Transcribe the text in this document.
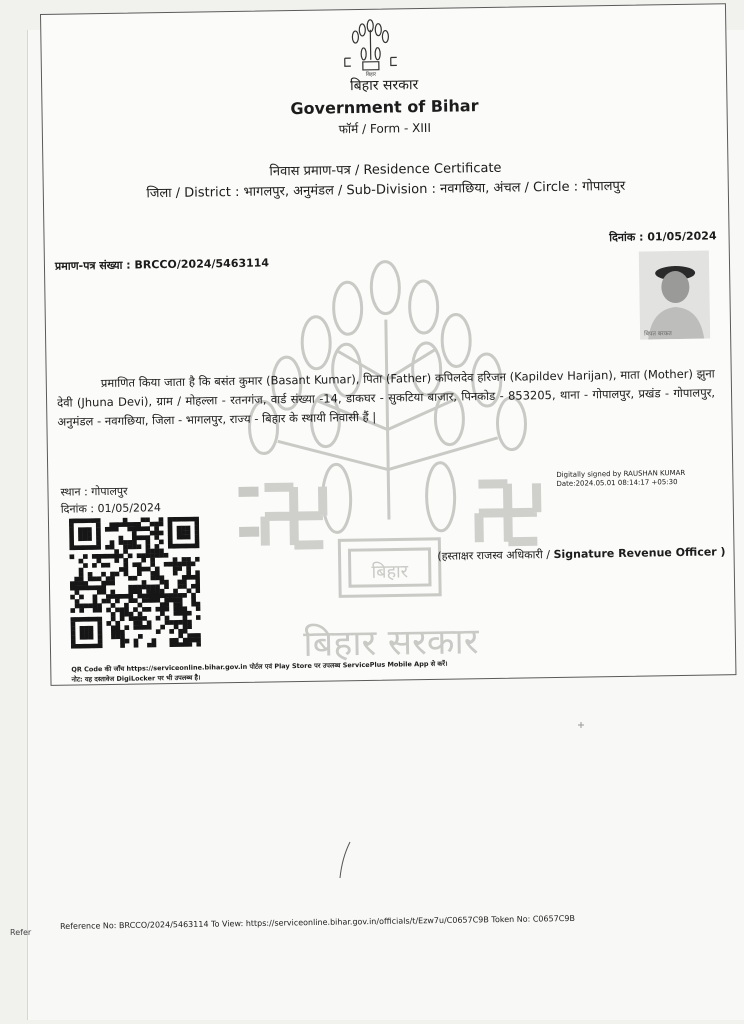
Refer
बिहार
बिहार सरकार
बिहार
बिहार सरकार
Government of Bihar
फॉर्म / Form - XIII
निवास प्रमाण-पत्र / Residence Certificate
जिला / District : भागलपुर, अनुमंडल / Sub-Division : नवगछिया, अंचल / Circle : गोपालपुर
दिनांक : 01/05/2024
प्रमाण-पत्र संख्या : BRCCO/2024/5463114
बिपत बरकत
प्रमाणित किया जाता है कि बसंत कुमार (Basant Kumar), पिता (Father) कपिलदेव हरिजन (Kapildev Harijan), माता (Mother) झुना देवी (Jhuna Devi), ग्राम / मोहल्ला - रतनगंज, वार्ड संख्या -14, डाकघर - सुकटिया बाजार, पिनकोड - 853205, थाना - गोपालपुर, प्रखंड - गोपालपुर, अनुमंडल - नवगछिया, जिला - भागलपुर, राज्य - बिहार के स्थायी निवासी हैं |
स्थान : गोपालपुर
दिनांक : 01/05/2024
Digitally signed by RAUSHAN KUMAR
Date:2024.05.01 08:14:17 +05:30
(हस्ताक्षर राजस्व अधिकारी / Signature Revenue Officer )
QR Code की जाँच https://serviceonline.bihar.gov.in पोर्टल एवं Play Store पर उपलब्ध ServicePlus Mobile App से करें।
नोट: यह दस्तावेज DigiLocker पर भी उपलब्ध है।
Reference No: BRCCO/2024/5463114 To View: https://serviceonline.bihar.gov.in/officials/t/Ezw7u/C0657C9B Token No: C0657C9B
